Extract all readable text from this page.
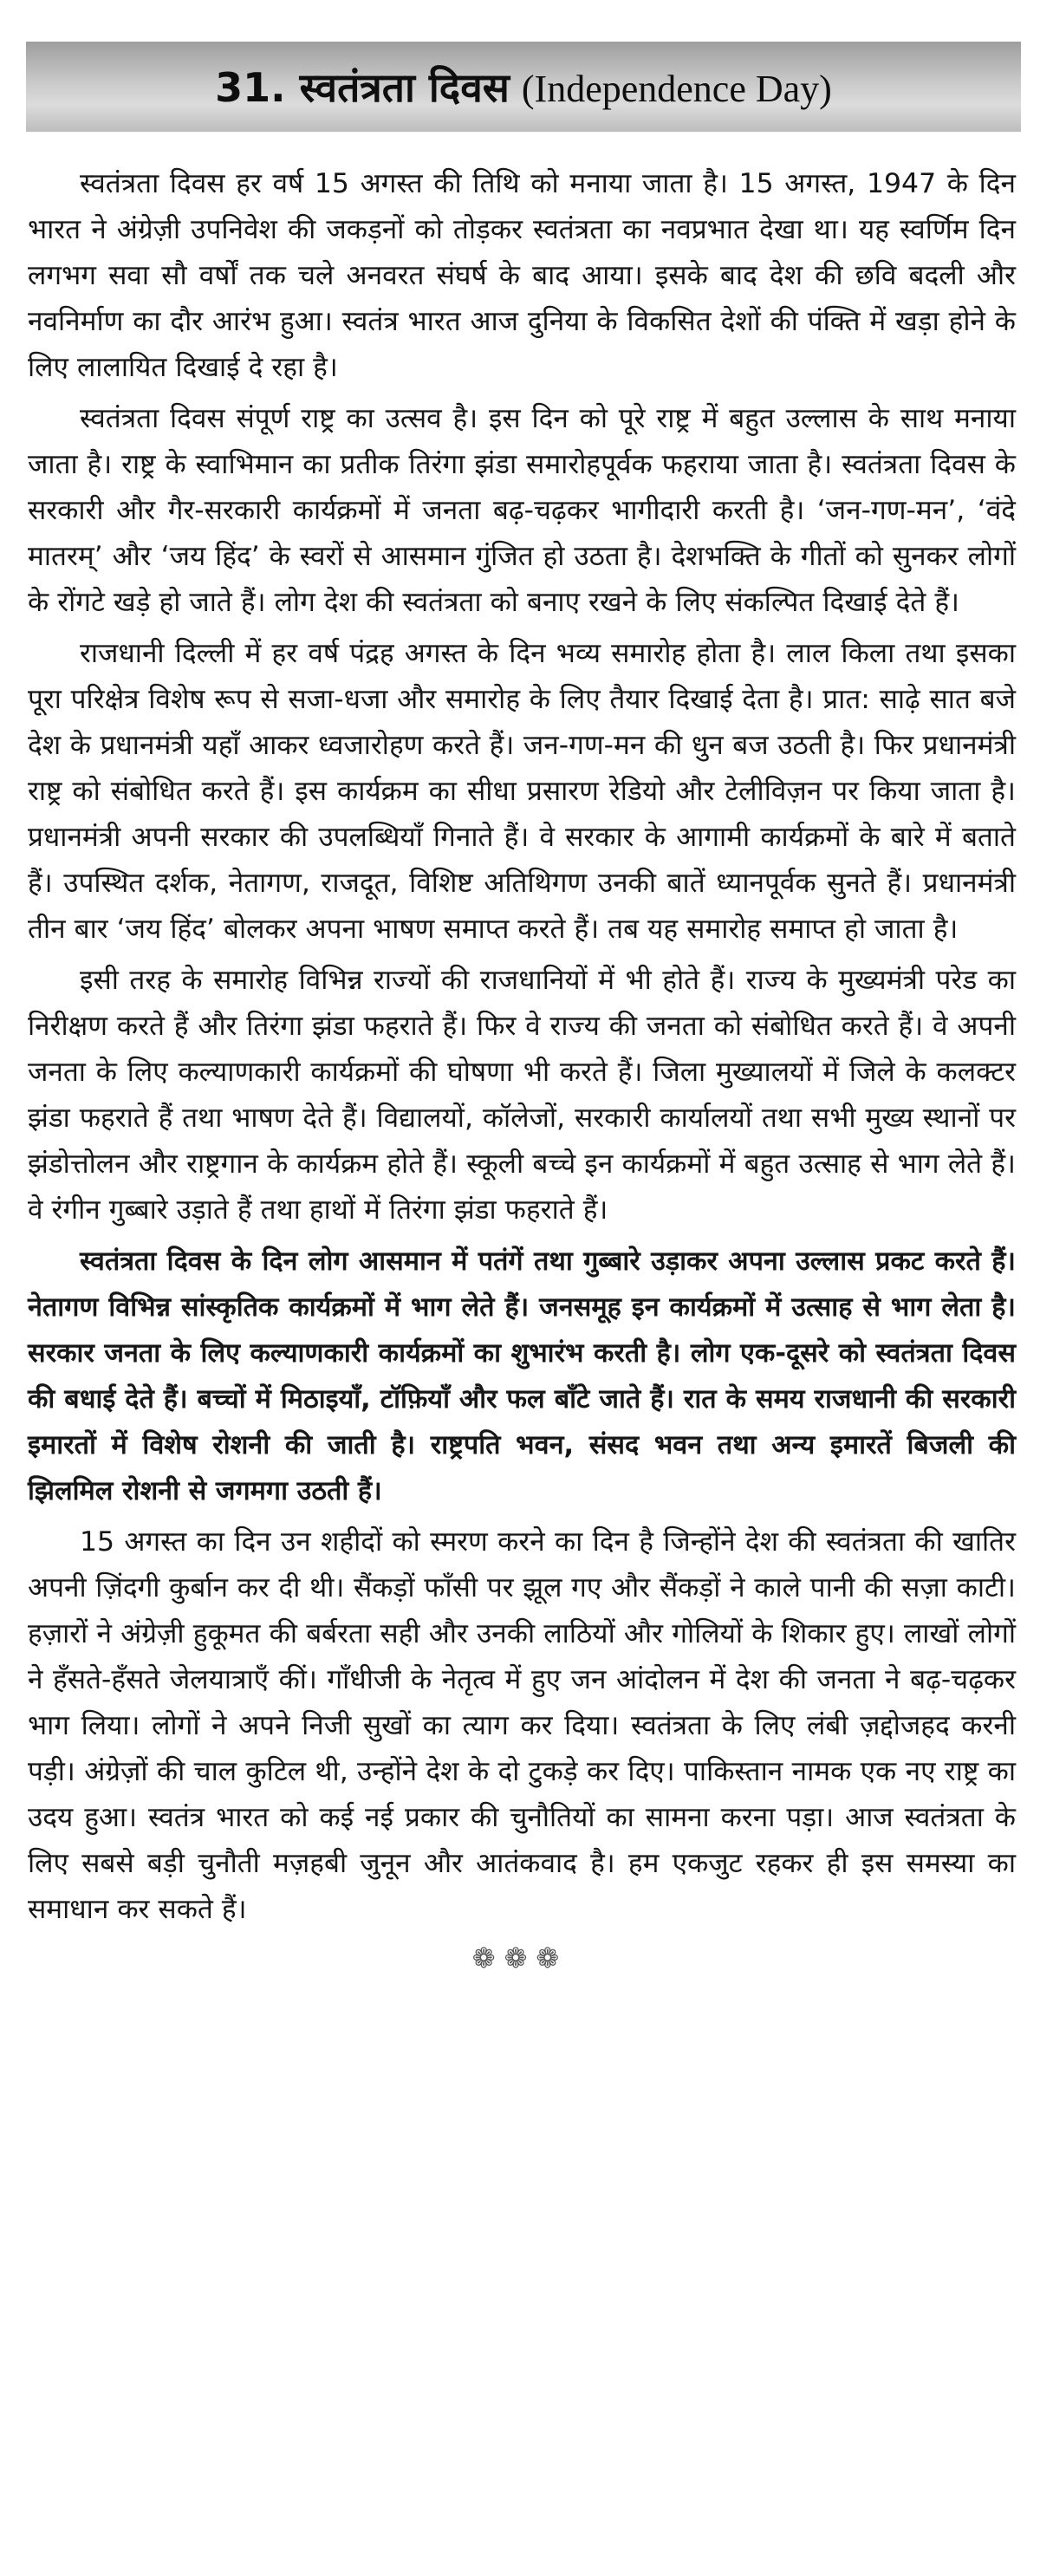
31. स्वतंत्रता दिवस (Independence Day)

स्वतंत्रता दिवस हर वर्ष 15 अगस्त की तिथि को मनाया जाता है। 15 अगस्त, 1947 के दिन भारत ने अंग्रेज़ी उपनिवेश की जकड़नों को तोड़कर स्वतंत्रता का नवप्रभात देखा था। यह स्वर्णिम दिन लगभग सवा सौ वर्षों तक चले अनवरत संघर्ष के बाद आया। इसके बाद देश की छवि बदली और नवनिर्माण का दौर आरंभ हुआ। स्वतंत्र भारत आज दुनिया के विकसित देशों की पंक्ति में खड़ा होने के लिए लालायित दिखाई दे रहा है।

स्वतंत्रता दिवस संपूर्ण राष्ट्र का उत्सव है। इस दिन को पूरे राष्ट्र में बहुत उल्लास के साथ मनाया जाता है। राष्ट्र के स्वाभिमान का प्रतीक तिरंगा झंडा समारोहपूर्वक फहराया जाता है। स्वतंत्रता दिवस के सरकारी और गैर-सरकारी कार्यक्रमों में जनता बढ़-चढ़कर भागीदारी करती है। ‘जन-गण-मन’, ‘वंदे मातरम्’ और ‘जय हिंद’ के स्वरों से आसमान गुंजित हो उठता है। देशभक्ति के गीतों को सुनकर लोगों के रोंगटे खड़े हो जाते हैं। लोग देश की स्वतंत्रता को बनाए रखने के लिए संकल्पित दिखाई देते हैं।

राजधानी दिल्ली में हर वर्ष पंद्रह अगस्त के दिन भव्य समारोह होता है। लाल किला तथा इसका पूरा परिक्षेत्र विशेष रूप से सजा-धजा और समारोह के लिए तैयार दिखाई देता है। प्रात: साढ़े सात बजे देश के प्रधानमंत्री यहाँ आकर ध्वजारोहण करते हैं। जन-गण-मन की धुन बज उठती है। फिर प्रधानमंत्री राष्ट्र को संबोधित करते हैं। इस कार्यक्रम का सीधा प्रसारण रेडियो और टेलीविज़न पर किया जाता है। प्रधानमंत्री अपनी सरकार की उपलब्धियाँ गिनाते हैं। वे सरकार के आगामी कार्यक्रमों के बारे में बताते हैं। उपस्थित दर्शक, नेतागण, राजदूत, विशिष्ट अतिथिगण उनकी बातें ध्यानपूर्वक सुनते हैं। प्रधानमंत्री तीन बार ‘जय हिंद’ बोलकर अपना भाषण समाप्त करते हैं। तब यह समारोह समाप्त हो जाता है।

इसी तरह के समारोह विभिन्न राज्यों की राजधानियों में भी होते हैं। राज्य के मुख्यमंत्री परेड का निरीक्षण करते हैं और तिरंगा झंडा फहराते हैं। फिर वे राज्य की जनता को संबोधित करते हैं। वे अपनी जनता के लिए कल्याणकारी कार्यक्रमों की घोषणा भी करते हैं। जिला मुख्यालयों में जिले के कलक्टर झंडा फहराते हैं तथा भाषण देते हैं। विद्यालयों, कॉलेजों, सरकारी कार्यालयों तथा सभी मुख्य स्थानों पर झंडोत्तोलन और राष्ट्रगान के कार्यक्रम होते हैं। स्कूली बच्चे इन कार्यक्रमों में बहुत उत्साह से भाग लेते हैं। वे रंगीन गुब्बारे उड़ाते हैं तथा हाथों में तिरंगा झंडा फहराते हैं।

स्वतंत्रता दिवस के दिन लोग आसमान में पतंगें तथा गुब्बारे उड़ाकर अपना उल्लास प्रकट करते हैं। नेतागण विभिन्न सांस्कृतिक कार्यक्रमों में भाग लेते हैं। जनसमूह इन कार्यक्रमों में उत्साह से भाग लेता है। सरकार जनता के लिए कल्याणकारी कार्यक्रमों का शुभारंभ करती है। लोग एक-दूसरे को स्वतंत्रता दिवस की बधाई देते हैं। बच्चों में मिठाइयाँ, टॉफ़ियाँ और फल बाँटे जाते हैं। रात के समय राजधानी की सरकारी इमारतों में विशेष रोशनी की जाती है। राष्ट्रपति भवन, संसद भवन तथा अन्य इमारतें बिजली की झिलमिल रोशनी से जगमगा उठती हैं।

15 अगस्त का दिन उन शहीदों को स्मरण करने का दिन है जिन्होंने देश की स्वतंत्रता की खातिर अपनी ज़िंदगी कुर्बान कर दी थी। सैंकड़ों फाँसी पर झूल गए और सैंकड़ों ने काले पानी की सज़ा काटी। हज़ारों ने अंग्रेज़ी हुकूमत की बर्बरता सही और उनकी लाठियों और गोलियों के शिकार हुए। लाखों लोगों ने हँसते-हँसते जेलयात्राएँ कीं। गाँधीजी के नेतृत्व में हुए जन आंदोलन में देश की जनता ने बढ़-चढ़कर भाग लिया। लोगों ने अपने निजी सुखों का त्याग कर दिया। स्वतंत्रता के लिए लंबी ज़द्दोजहद करनी पड़ी। अंग्रेज़ों की चाल कुटिल थी, उन्होंने देश के दो टुकड़े कर दिए। पाकिस्तान नामक एक नए राष्ट्र का उदय हुआ। स्वतंत्र भारत को कई नई प्रकार की चुनौतियों का सामना करना पड़ा। आज स्वतंत्रता के लिए सबसे बड़ी चुनौती मज़हबी जुनून और आतंकवाद है। हम एकजुट रहकर ही इस समस्या का समाधान कर सकते हैं।

❁❁❁
